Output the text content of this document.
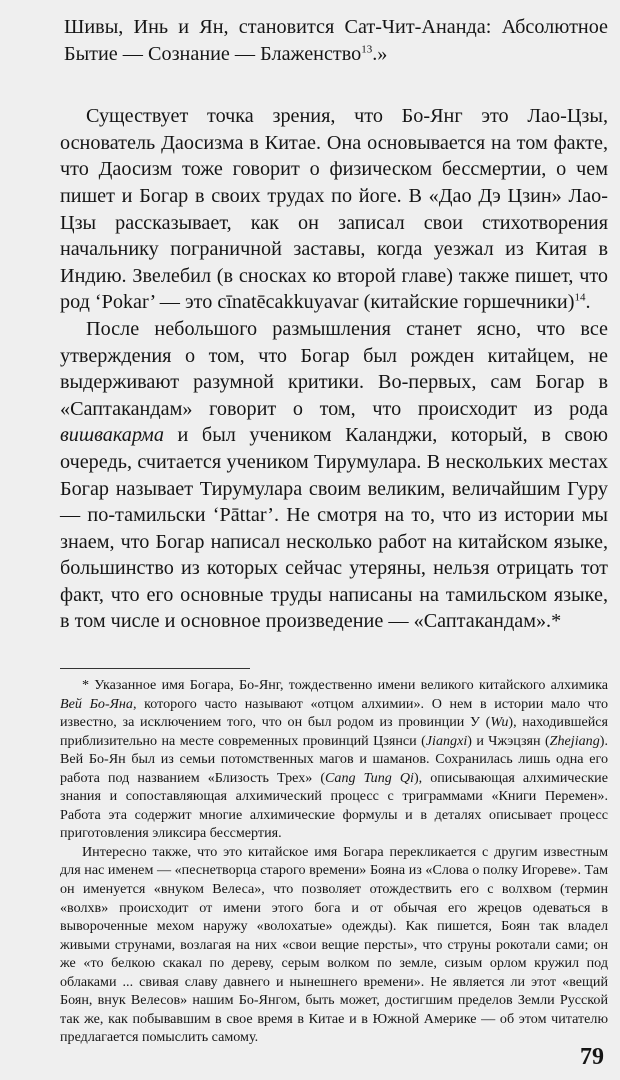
Шивы, Инь и Ян, становится Сат-Чит-Ананда: Абсолютное Бытие — Сознание — Блаженство$^{13}$.»

Существует точка зрения, что Бо-Янг это Лао-Цзы, основатель Даосизма в Китае. Она основывается на том факте, что Даосизм тоже говорит о физическом бессмертии, о чем пишет и Богар в своих трудах по йоге. В «Дао Дэ Цзин» Лао-Цзы рассказывает, как он записал свои стихотворения начальнику пограничной заставы, когда уезжал из Китая в Индию. Звелебил (в сносках ко второй главе) также пишет, что род ‘Pokar’ — это cīnatēcakkuyavar (китайские горшечники)$^{14}$.

После небольшого размышления станет ясно, что все утверждения о том, что Богар был рожден китайцем, не выдерживают разумной критики. Во-первых, сам Богар в «Саптакандам» говорит о том, что происходит из рода вишвакарма и был учеником Каланджи, который, в свою очередь, считается учеником Тирумулара. В нескольких местах Богар называет Тирумулара своим великим, величайшим Гуру — по-тамильски ‘Pāttar’. Не смотря на то, что из истории мы знаем, что Богар написал несколько работ на китайском языке, большинство из которых сейчас утеряны, нельзя отрицать тот факт, что его основные труды написаны на тамильском языке, в том числе и основное произведение — «Саптакандам».*

* Указанное имя Богара, Бо-Янг, тождественно имени великого китайского алхимика Вей Бо-Яна, которого часто называют «отцом алхимии». О нем в истории мало что известно, за исключением того, что он был родом из провинции У (Wu), находившейся приблизительно на месте современных провинций Цзянси (Jiangxi) и Чжэцзян (Zhejiang). Вей Бо-Ян был из семьи потомственных магов и шаманов. Сохранилась лишь одна его работа под названием «Близость Трех» (Cang Tung Qi), описывающая алхимические знания и сопоставляющая алхимический процесс с триграммами «Книги Перемен». Работа эта содержит многие алхимические формулы и в деталях описывает процесс приготовления эликсира бессмертия.

Интересно также, что это китайское имя Богара перекликается с другим известным для нас именем — «песнетворца старого времени» Бояна из «Слова о полку Игореве». Там он именуется «внуком Велеса», что позволяет отождествить его с волхвом (термин «волхв» происходит от имени этого бога и от обычая его жрецов одеваться в вывороченные мехом наружу «волохатые» одежды). Как пишется, Боян так владел живыми струнами, возлагая на них «свои вещие персты», что струны рокотали сами; он же «то белкою скакал по дереву, серым волком по земле, сизым орлом кружил под облаками ... свивая славу давнего и нынешнего времени». Не является ли этот «вещий Боян, внук Велесов» нашим Бо-Янгом, быть может, достигшим пределов Земли Русской так же, как побывавшим в свое время в Китае и в Южной Америке — об этом читателю предлагается помыслить самому.

79
